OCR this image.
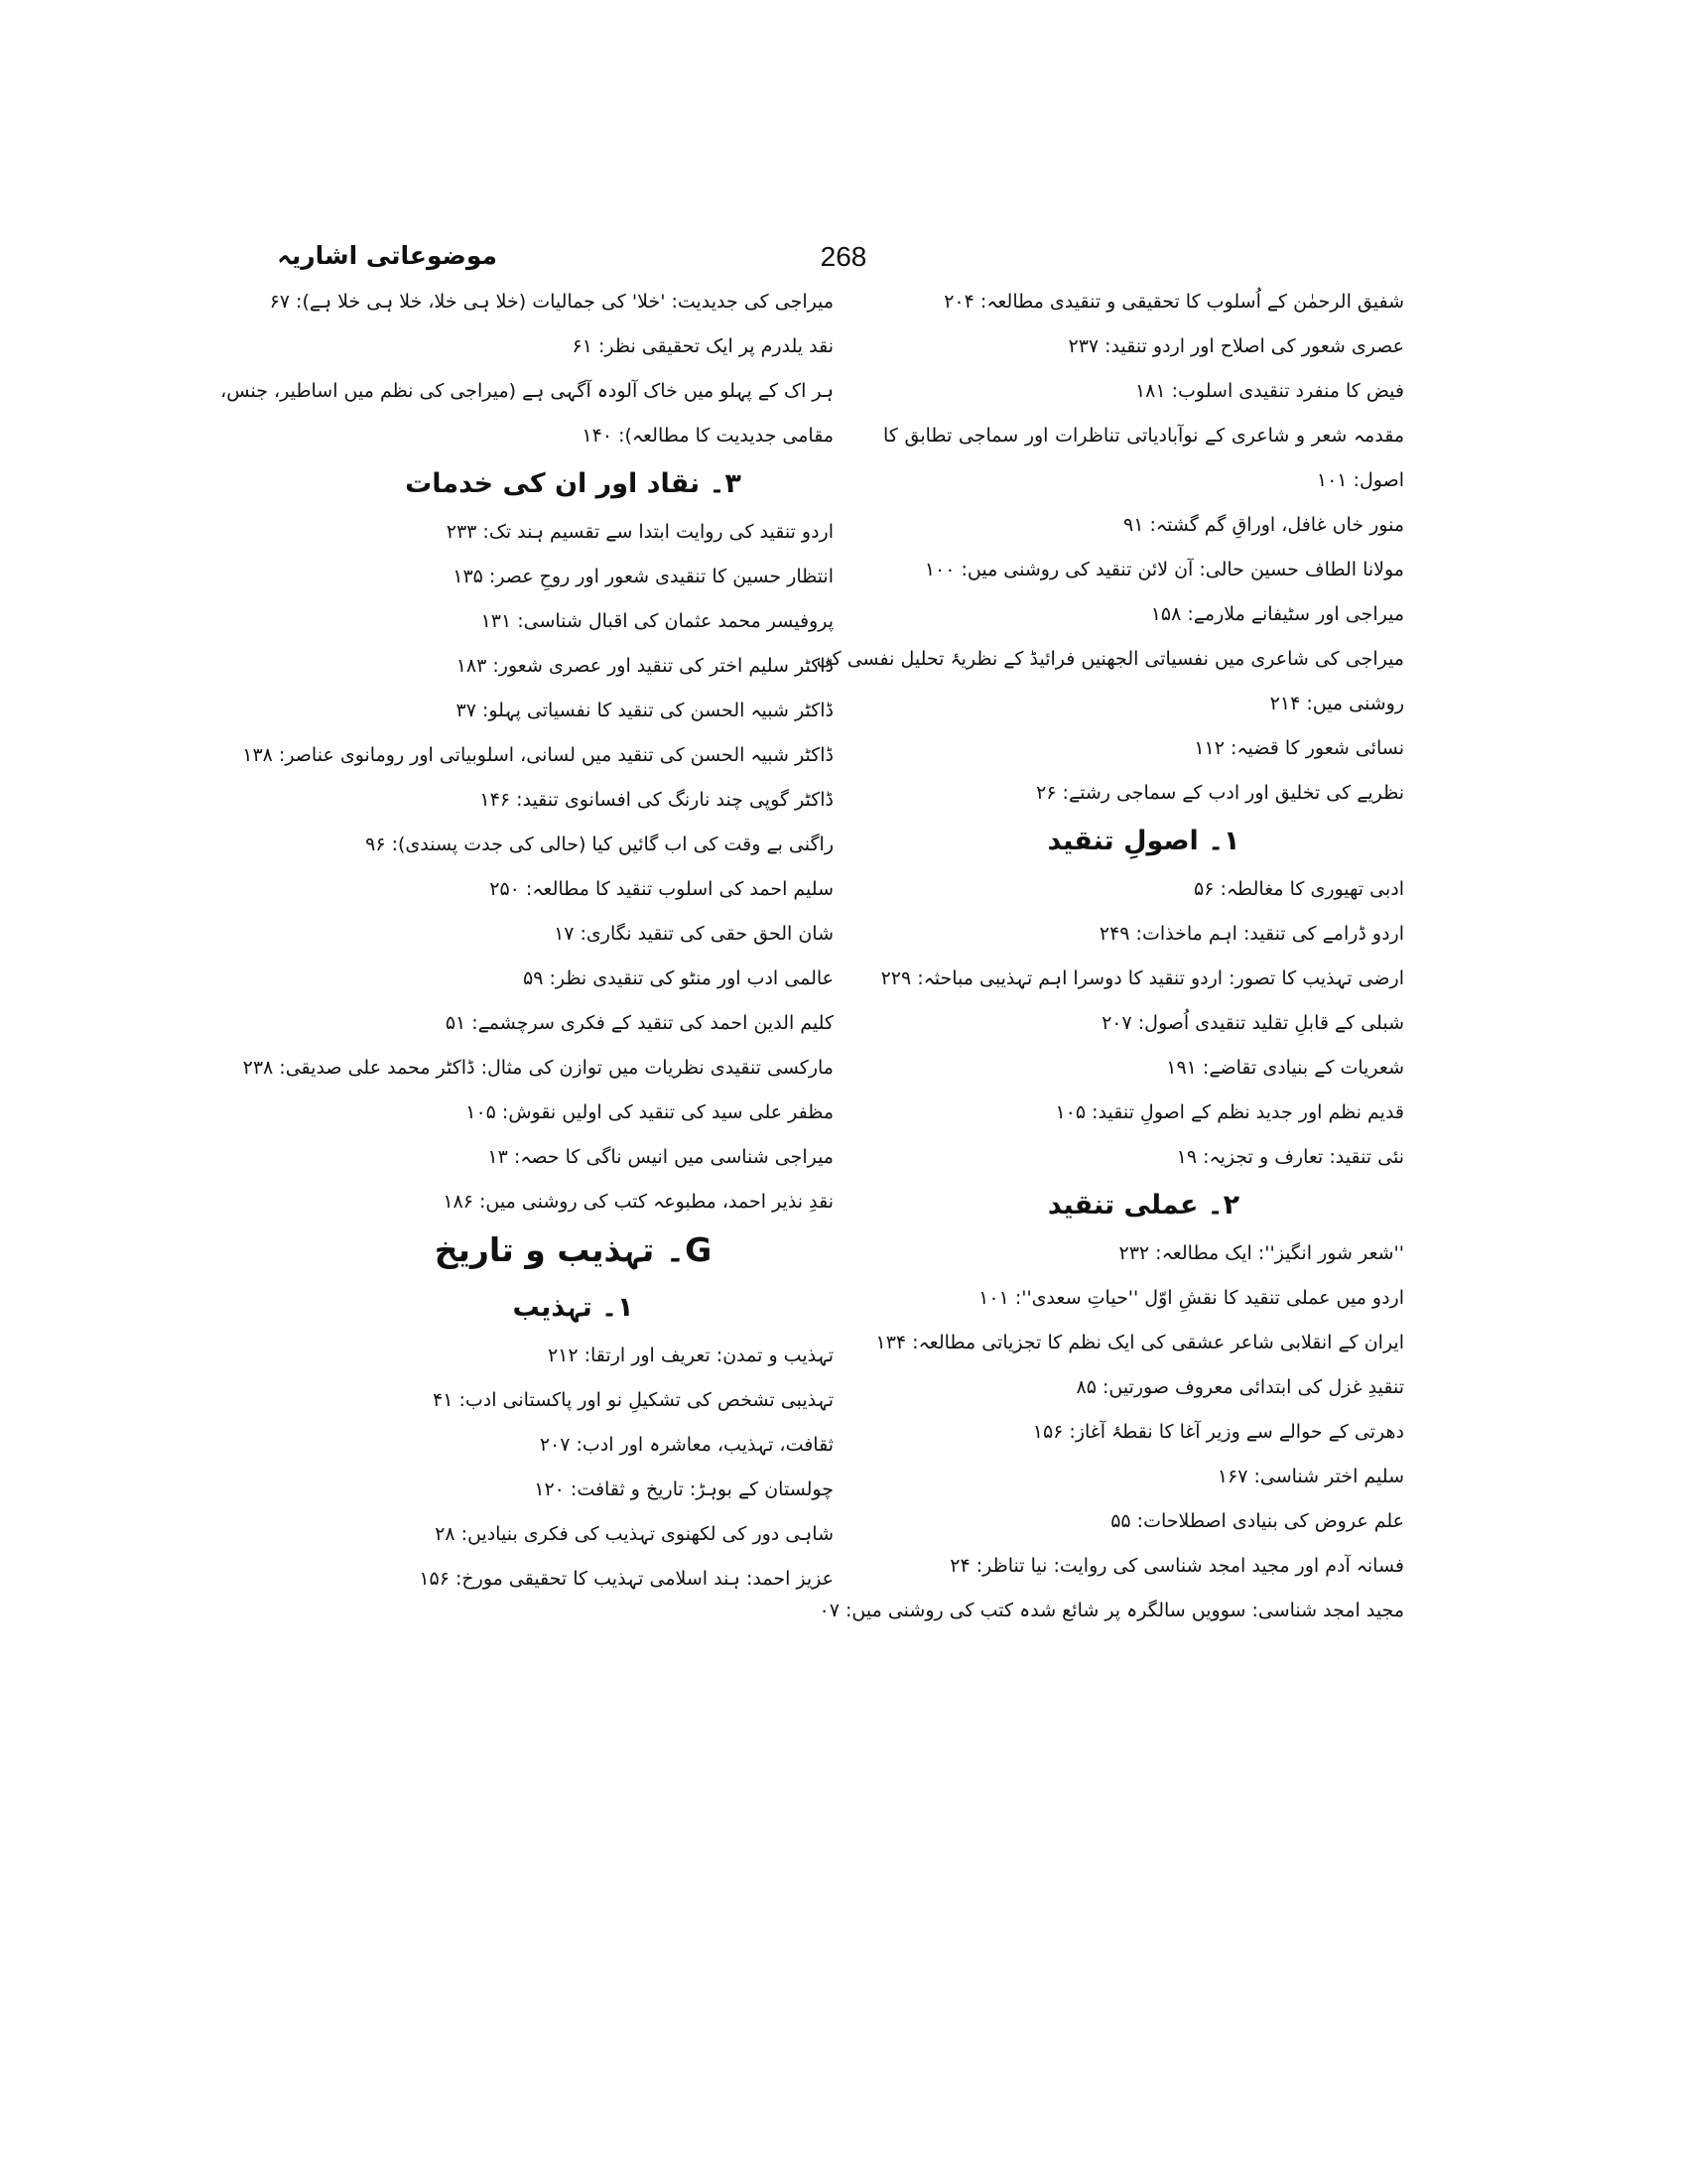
268
موضوعاتی اشاریہ
شفیق الرحمٰن کے اُسلوب کا تحقیقی و تنقیدی مطالعہ: ۲۰۴
عصری شعور کی اصلاح اور اردو تنقید: ۲۳۷
فیض کا منفرد تنقیدی اسلوب: ۱۸۱
مقدمہ شعر و شاعری کے نوآبادیاتی تناظرات اور سماجی تطابق کا
اصول: ۱۰۱
منور خاں غافل، اوراقِ گم گشتہ: ۹۱
مولانا الطاف حسین حالی: آن لائن تنقید کی روشنی میں: ۱۰۰
میراجی اور سٹیفانے ملارمے: ۱۵۸
میراجی کی شاعری میں نفسیاتی الجھنیں فرائیڈ کے نظریۂ تحلیل نفسی کی
روشنی میں: ۲۱۴
نسائی شعور کا قضیہ: ۱۱۲
نظریے کی تخلیق اور ادب کے سماجی رشتے: ۲۶
۱۔ اصولِ تنقید
ادبی تھیوری کا مغالطہ: ۵۶
اردو ڈرامے کی تنقید: اہم ماخذات: ۲۴۹
ارضی تہذیب کا تصور: اردو تنقید کا دوسرا اہم تہذیبی مباحثہ: ۲۲۹
شبلی کے قابلِ تقلید تنقیدی اُصول: ۲۰۷
شعریات کے بنیادی تقاضے: ۱۹۱
قدیم نظم اور جدید نظم کے اصولِ تنقید: ۱۰۵
نئی تنقید: تعارف و تجزیہ: ۱۹
۲۔ عملی تنقید
''شعر شور انگیز'': ایک مطالعہ: ۲۳۲
اردو میں عملی تنقید کا نقشِ اوّل ''حیاتِ سعدی'': ۱۰۱
ایران کے انقلابی شاعر عشقی کی ایک نظم کا تجزیاتی مطالعہ: ۱۳۴
تنقیدِ غزل کی ابتدائی معروف صورتیں: ۸۵
دھرتی کے حوالے سے وزیر آغا کا نقطۂ آغاز: ۱۵۶
سلیم اختر شناسی: ۱۶۷
علم عروض کی بنیادی اصطلاحات: ۵۵
فسانہ آدم اور مجید امجد شناسی کی روایت: نیا تناظر: ۲۴
مجید امجد شناسی: سوویں سالگرہ پر شائع شدہ کتب کی روشنی میں: ۰۷
میراجی کی جدیدیت: 'خلا' کی جمالیات (خلا ہی خلا، خلا ہی خلا ہے): ۶۷
نقد یلدرم پر ایک تحقیقی نظر: ۶۱
ہر اک کے پہلو میں خاک آلودہ آگہی ہے (میراجی کی نظم میں اساطیر، جنس،
مقامی جدیدیت کا مطالعہ): ۱۴۰
۳۔ نقاد اور ان کی خدمات
اردو تنقید کی روایت ابتدا سے تقسیم ہند تک: ۲۳۳
انتظار حسین کا تنقیدی شعور اور روحِ عصر: ۱۳۵
پروفیسر محمد عثمان کی اقبال شناسی: ۱۳۱
ڈاکٹر سلیم اختر کی تنقید اور عصری شعور: ۱۸۳
ڈاکٹر شبیہ الحسن کی تنقید کا نفسیاتی پہلو: ۳۷
ڈاکٹر شبیہ الحسن کی تنقید میں لسانی، اسلوبیاتی اور رومانوی عناصر: ۱۳۸
ڈاکٹر گوپی چند نارنگ کی افسانوی تنقید: ۱۴۶
راگنی بے وقت کی اب گائیں کیا (حالی کی جدت پسندی): ۹۶
سلیم احمد کی اسلوب تنقید کا مطالعہ: ۲۵۰
شان الحق حقی کی تنقید نگاری: ۱۷
عالمی ادب اور منٹو کی تنقیدی نظر: ۵۹
کلیم الدین احمد کی تنقید کے فکری سرچشمے: ۵۱
مارکسی تنقیدی نظریات میں توازن کی مثال: ڈاکٹر محمد علی صدیقی: ۲۳۸
مظفر علی سید کی تنقید کی اولیں نقوش: ۱۰۵
میراجی شناسی میں انیس ناگی کا حصہ: ۱۳
نقدِ نذیر احمد، مطبوعہ کتب کی روشنی میں: ۱۸۶
G۔ تہذیب و تاریخ
۱۔ تہذیب
تہذیب و تمدن: تعریف اور ارتقا: ۲۱۲
تہذیبی تشخص کی تشکیلِ نو اور پاکستانی ادب: ۴۱
ثقافت، تہذیب، معاشرہ اور ادب: ۲۰۷
چولستان کے بوہڑ: تاریخ و ثقافت: ۱۲۰
شاہی دور کی لکھنوی تہذیب کی فکری بنیادیں: ۲۸
عزیز احمد: ہند اسلامی تہذیب کا تحقیقی مورخ: ۱۵۶
